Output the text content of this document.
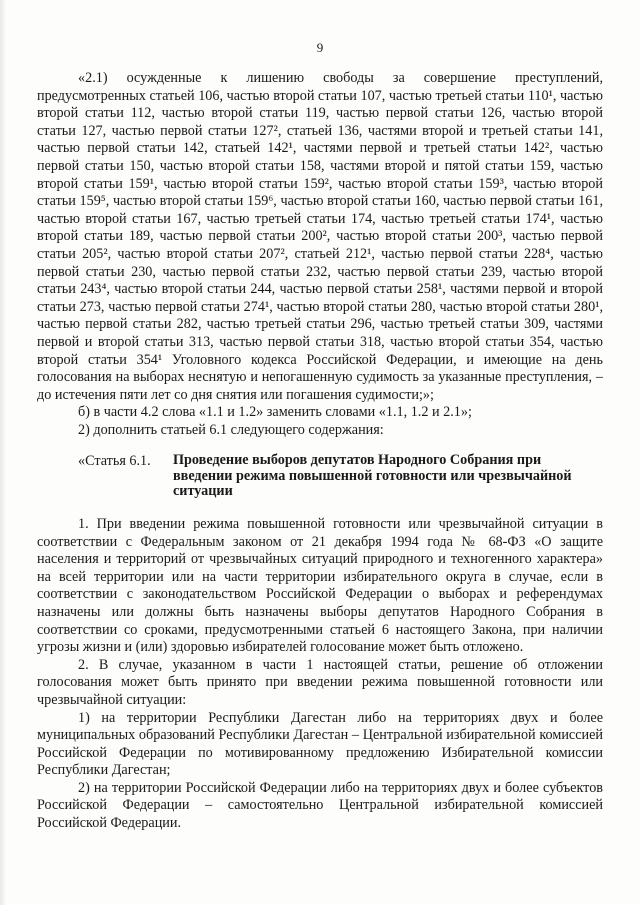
9

«2.1) осужденные к лишению свободы за совершение преступлений, предусмотренных статьей 106, частью второй статьи 107, частью третьей статьи 110¹, частью второй статьи 112, частью второй статьи 119, частью первой статьи 126, частью второй статьи 127, частью первой статьи 127², статьей 136, частями второй и третьей статьи 141, частью первой статьи 142, статьей 142¹, частями первой и третьей статьи 142², частью первой статьи 150, частью второй статьи 158, частями второй и пятой статьи 159, частью второй статьи 159¹, частью второй статьи 159², частью второй статьи 159³, частью второй статьи 159⁵, частью второй статьи 159⁶, частью второй статьи 160, частью первой статьи 161, частью второй статьи 167, частью третьей статьи 174, частью третьей статьи 174¹, частью второй статьи 189, частью первой статьи 200², частью второй статьи 200³, частью первой статьи 205², частью второй статьи 207², статьей 212¹, частью первой статьи 228⁴, частью первой статьи 230, частью первой статьи 232, частью первой статьи 239, частью второй статьи 243⁴, частью второй статьи 244, частью первой статьи 258¹, частями первой и второй статьи 273, частью первой статьи 274¹, частью второй статьи 280, частью второй статьи 280¹, частью первой статьи 282, частью третьей статьи 296, частью третьей статьи 309, частями первой и второй статьи 313, частью первой статьи 318, частью второй статьи 354, частью второй статьи 354¹ Уголовного кодекса Российской Федерации, и имеющие на день голосования на выборах неснятую и непогашенную судимость за указанные преступления, – до истечения пяти лет со дня снятия или погашения судимости;»;

б) в части 4.2 слова «1.1 и 1.2» заменить словами «1.1, 1.2 и 2.1»;

2) дополнить статьей 6.1 следующего содержания:

«Статья 6.1.	Проведение выборов депутатов Народного Собрания при введении режима повышенной готовности или чрезвычайной ситуации

1. При введении режима повышенной готовности или чрезвычайной ситуации в соответствии с Федеральным законом от 21 декабря 1994 года № 68-ФЗ «О защите населения и территорий от чрезвычайных ситуаций природного и техногенного характера» на всей территории или на части территории избирательного округа в случае, если в соответствии с законодательством Российской Федерации о выборах и референдумах назначены или должны быть назначены выборы депутатов Народного Собрания в соответствии со сроками, предусмотренными статьей 6 настоящего Закона, при наличии угрозы жизни и (или) здоровью избирателей голосование может быть отложено.

2. В случае, указанном в части 1 настоящей статьи, решение об отложении голосования может быть принято при введении режима повышенной готовности или чрезвычайной ситуации:

1) на территории Республики Дагестан либо на территориях двух и более муниципальных образований Республики Дагестан – Центральной избирательной комиссией Российской Федерации по мотивированному предложению Избирательной комиссии Республики Дагестан;

2) на территории Российской Федерации либо на территориях двух и более субъектов Российской Федерации – самостоятельно Центральной избирательной комиссией Российской Федерации.
